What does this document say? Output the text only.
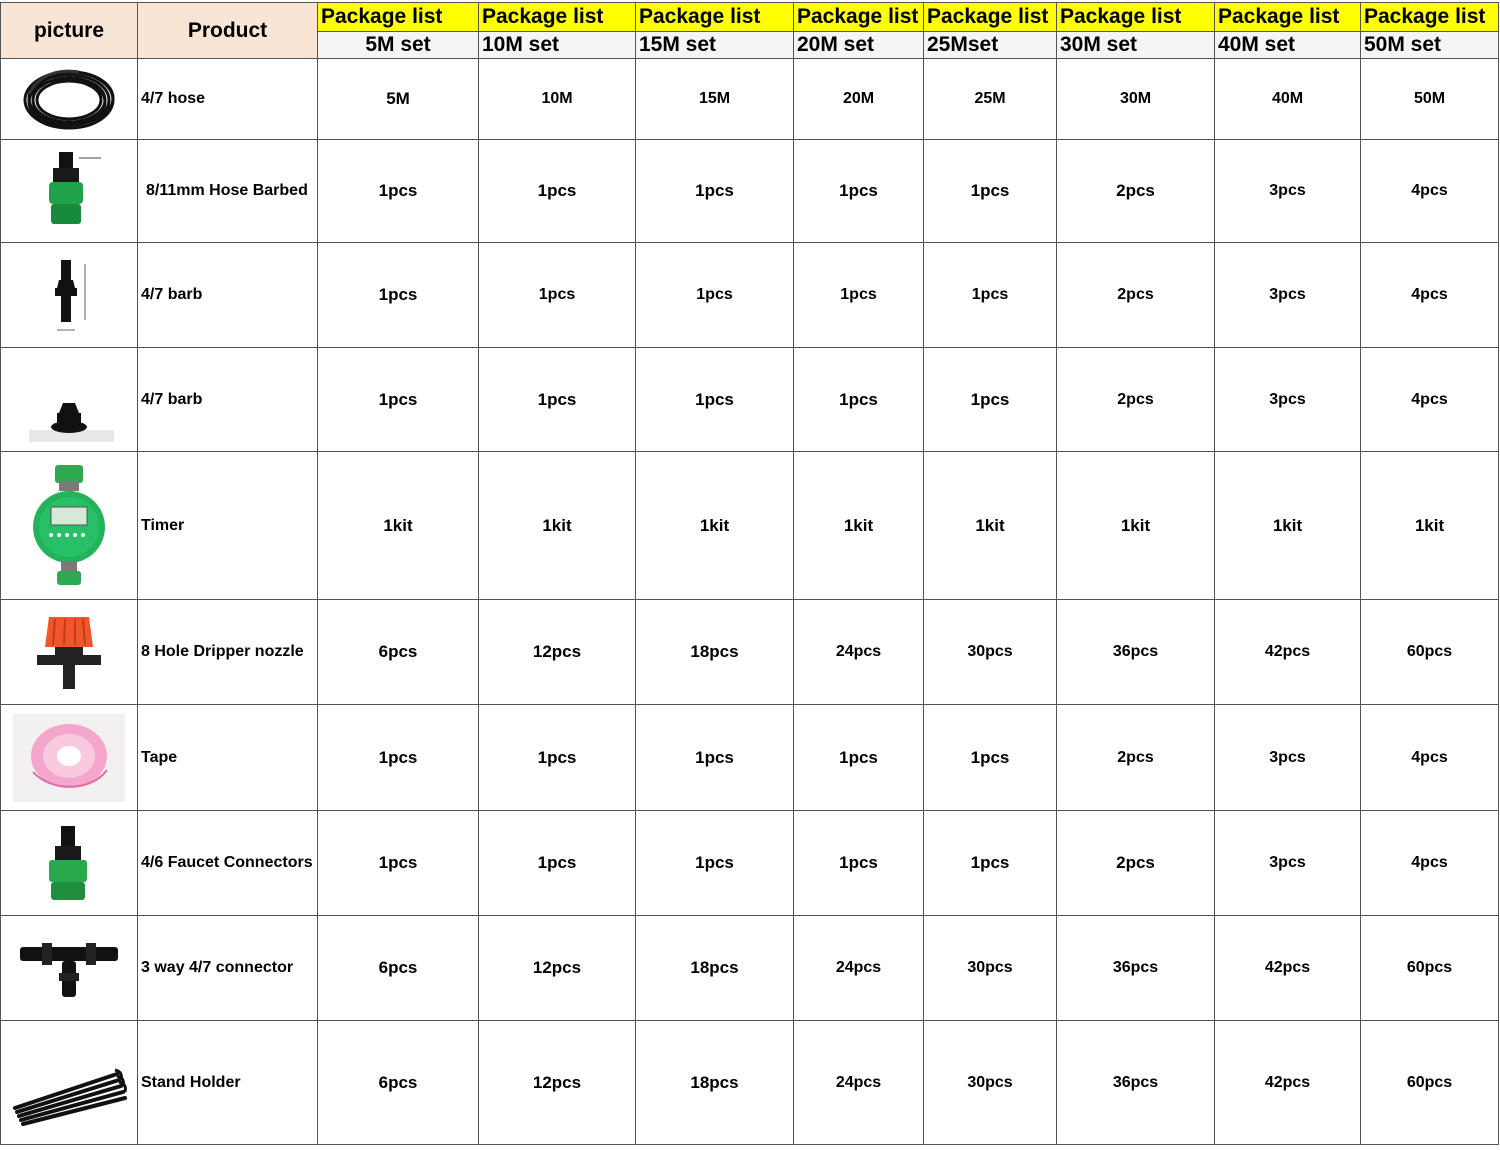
picture	Product	Package list	Package list	Package list	Package list	Package list	Package list	Package list	Package list
		5M set	10M set	15M set	20M set	25Mset	30M set	40M set	50M set

	4/7 hose	5M	10M	15M	20M	25M	30M	40M	50M

	8/11mm Hose Barbed	1pcs	1pcs	1pcs	1pcs	1pcs	2pcs	3pcs	4pcs

	4/7 barb	1pcs	1pcs	1pcs	1pcs	1pcs	2pcs	3pcs	4pcs

	4/7 barb	1pcs	1pcs	1pcs	1pcs	1pcs	2pcs	3pcs	4pcs

	Timer	1kit	1kit	1kit	1kit	1kit	1kit	1kit	1kit

	8 Hole Dripper nozzle	6pcs	12pcs	18pcs	24pcs	30pcs	36pcs	42pcs	60pcs

	Tape	1pcs	1pcs	1pcs	1pcs	1pcs	2pcs	3pcs	4pcs

	4/6 Faucet Connectors	1pcs	1pcs	1pcs	1pcs	1pcs	2pcs	3pcs	4pcs

	3 way 4/7 connector	6pcs	12pcs	18pcs	24pcs	30pcs	36pcs	42pcs	60pcs

	Stand Holder	6pcs	12pcs	18pcs	24pcs	30pcs	36pcs	42pcs	60pcs
